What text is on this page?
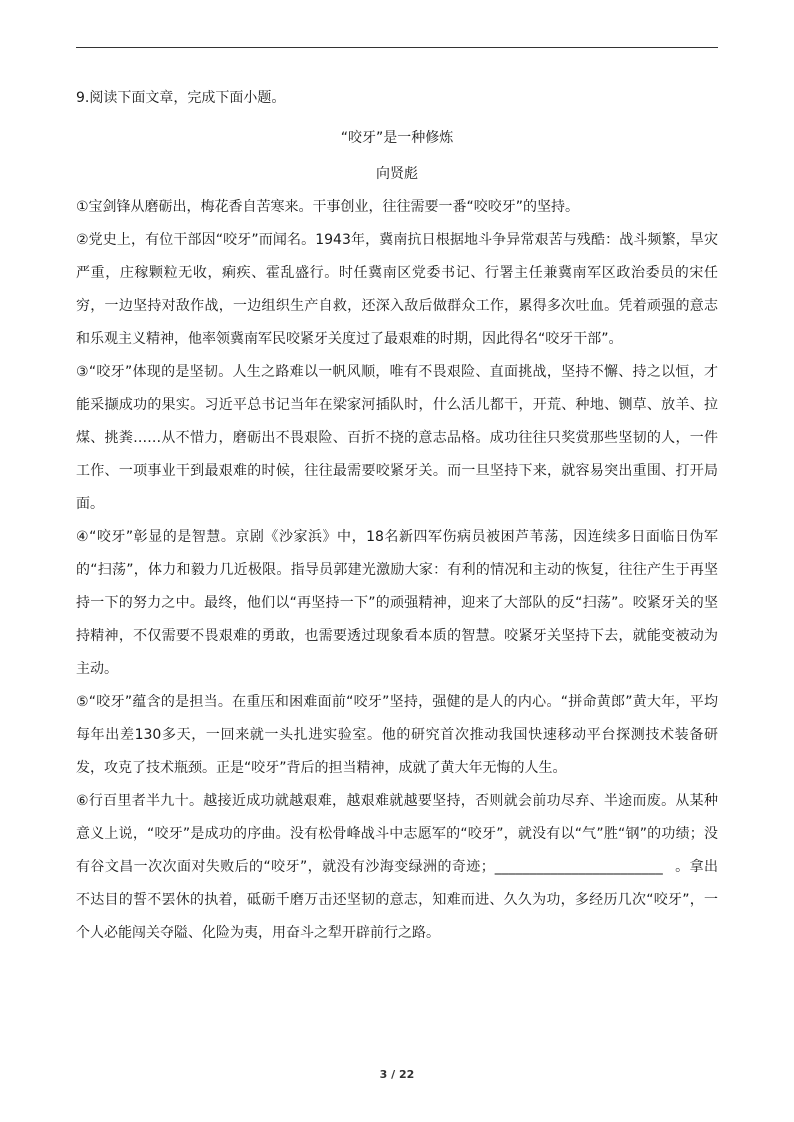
9.阅读下面文章，完成下面小题。

“咬牙”是一种修炼

向贤彪

①宝剑锋从磨砺出，梅花香自苦寒来。干事创业，往往需要一番“咬咬牙”的坚持。

②党史上，有位干部因“咬牙”而闻名。1943年，冀南抗日根据地斗争异常艰苦与残酷：战斗频繁，旱灾严重，庄稼颗粒无收，痢疾、霍乱盛行。时任冀南区党委书记、行署主任兼冀南军区政治委员的宋任穷，一边坚持对敌作战，一边组织生产自救，还深入敌后做群众工作，累得多次吐血。凭着顽强的意志和乐观主义精神，他率领冀南军民咬紧牙关度过了最艰难的时期，因此得名“咬牙干部”。

③“咬牙”体现的是坚韧。人生之路难以一帆风顺，唯有不畏艰险、直面挑战，坚持不懈、持之以恒，才能采撷成功的果实。习近平总书记当年在梁家河插队时，什么活儿都干，开荒、种地、铡草、放羊、拉煤、挑粪……从不惜力，磨砺出不畏艰险、百折不挠的意志品格。成功往往只奖赏那些坚韧的人，一件工作、一项事业干到最艰难的时候，往往最需要咬紧牙关。而一旦坚持下来，就容易突出重围、打开局面。

④“咬牙”彰显的是智慧。京剧《沙家浜》中，18名新四军伤病员被困芦苇荡，因连续多日面临日伪军的“扫荡”，体力和毅力几近极限。指导员郭建光激励大家：有利的情况和主动的恢复，往往产生于再坚持一下的努力之中。最终，他们以“再坚持一下”的顽强精神，迎来了大部队的反“扫荡”。咬紧牙关的坚持精神，不仅需要不畏艰难的勇敢，也需要透过现象看本质的智慧。咬紧牙关坚持下去，就能变被动为主动。

⑤“咬牙”蕴含的是担当。在重压和困难面前“咬牙”坚持，强健的是人的内心。“拼命黄郎”黄大年，平均每年出差130多天，一回来就一头扎进实验室。他的研究首次推动我国快速移动平台探测技术装备研发，攻克了技术瓶颈。正是“咬牙”背后的担当精神，成就了黄大年无悔的人生。

⑥行百里者半九十。越接近成功就越艰难，越艰难就越要坚持，否则就会前功尽弃、半途而废。从某种意义上说，“咬牙”是成功的序曲。没有松骨峰战斗中志愿军的“咬牙”，就没有以“气”胜“钢”的功绩；没有谷文昌一次次面对失败后的“咬牙”，就没有沙海变绿洲的奇迹；________________________ 。拿出不达目的誓不罢休的执着，砥砺千磨万击还坚韧的意志，知难而进、久久为功，多经历几次“咬牙”，一个人必能闯关夺隘、化险为夷，用奋斗之犁开辟前行之路。

3 / 22
